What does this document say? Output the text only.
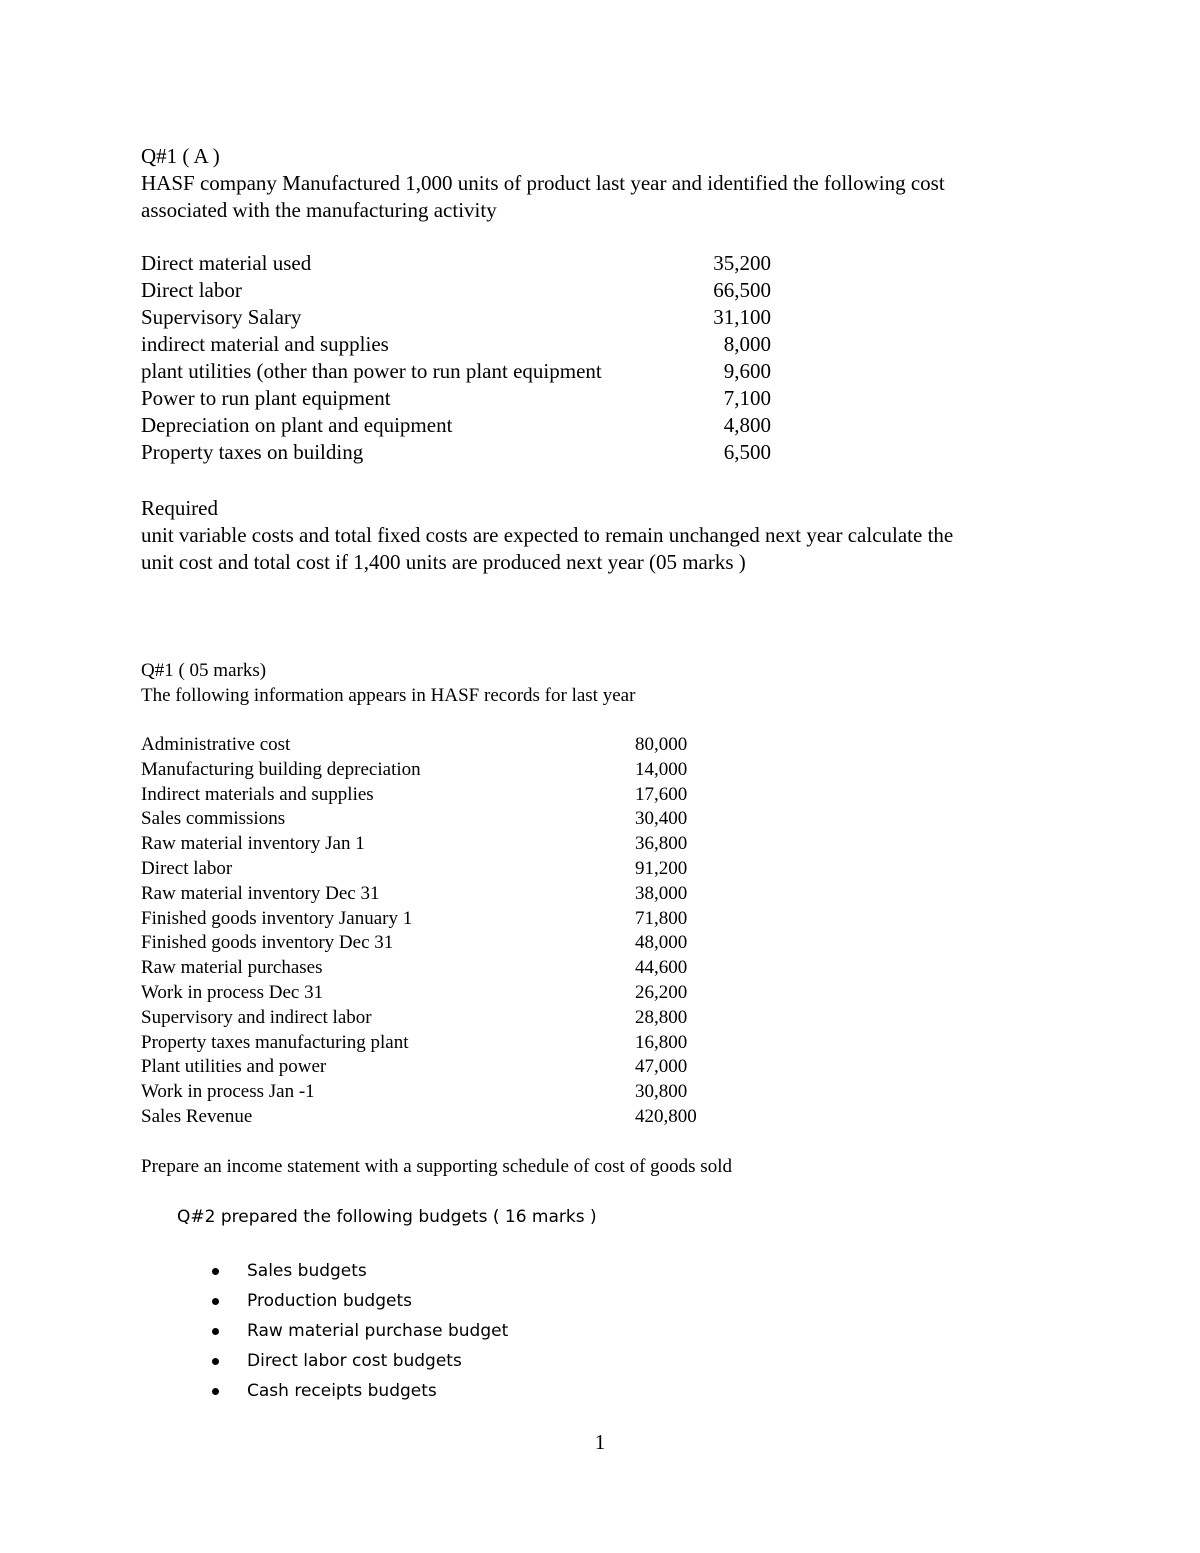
Q#1 ( A )
HASF company Manufactured 1,000 units of product last year and identified the following cost
associated with the manufacturing activity
Direct material used	35,200
Direct labor	66,500
Supervisory Salary	31,100
indirect material and supplies	8,000
plant utilities (other than power to run plant equipment	9,600
Power to run plant equipment	7,100
Depreciation on plant and equipment	4,800
Property taxes on building	6,500
Required
unit variable costs and total fixed costs are expected to remain unchanged next year calculate the
unit cost and total cost if 1,400 units are produced next year (05 marks )
Q#1 ( 05 marks)
The following information appears in HASF records for last year
Administrative cost	80,000
Manufacturing building depreciation	14,000
Indirect materials and supplies	17,600
Sales commissions	30,400
Raw material inventory Jan 1	36,800
Direct labor	91,200
Raw material inventory Dec 31	38,000
Finished goods inventory January 1	71,800
Finished goods inventory Dec 31	48,000
Raw material purchases	44,600
Work in process Dec 31	26,200
Supervisory and indirect labor	28,800
Property taxes manufacturing plant	16,800
Plant utilities and power	47,000
Work in process Jan -1	30,800
Sales Revenue	420,800
Prepare an income statement with a supporting schedule of cost of goods sold
Q#2 prepared the following budgets ( 16 marks )
Sales budgets
Production budgets
Raw material purchase budget
Direct labor cost budgets
Cash receipts budgets
1
